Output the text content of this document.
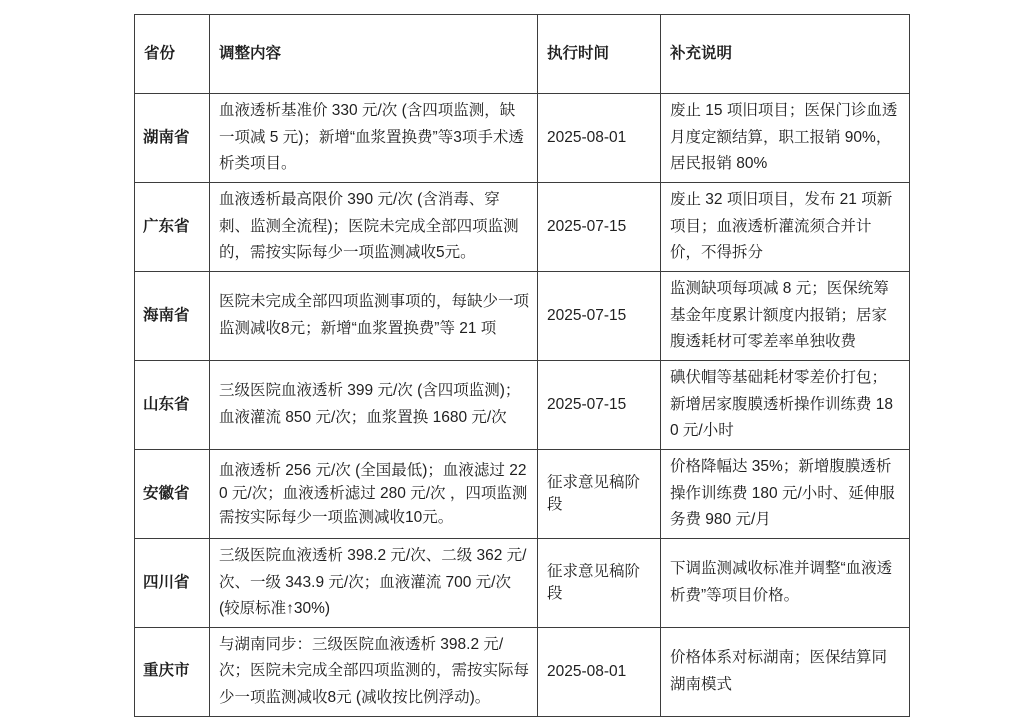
省份	调整内容	执行时间	补充说明
湖南省	血液透析基准价 330 元/次 (含四项监测，缺一项减 5 元)；新增“血浆置换费”等3项手术透析类项目。	2025-08-01	废止 15 项旧项目；医保门诊血透月度定额结算，职工报销 90%，居民报销 80%
广东省	血液透析最高限价 390 元/次 (含消毒、穿刺、监测全流程)；医院未完成全部四项监测的，需按实际每少一项监测减收5元。	2025-07-15	废止 32 项旧项目，发布 21 项新项目；血液透析灌流须合并计价，不得拆分
海南省	医院未完成全部四项监测事项的，每缺少一项监测减收8元；新增“血浆置换费”等 21 项	2025-07-15	监测缺项每项减 8 元；医保统筹基金年度累计额度内报销；居家腹透耗材可零差率单独收费
山东省	三级医院血液透析 399 元/次 (含四项监测)；血液灌流 850 元/次；血浆置换 1680 元/次	2025-07-15	碘伏帽等基础耗材零差价打包；新增居家腹膜透析操作训练费 180 元/小时
安徽省	血液透析 256 元/次 (全国最低)；血液滤过 220 元/次；血液透析滤过 280 元/次 ，四项监测需按实际每少一项监测减收10元。	征求意见稿阶段	价格降幅达 35%；新增腹膜透析操作训练费 180 元/小时、延伸服务费 980 元/月
四川省	三级医院血液透析 398.2 元/次、二级 362 元/次、一级 343.9 元/次；血液灌流 700 元/次 (较原标准↑30%)	征求意见稿阶段	下调监测减收标准并调整“血液透析费”等项目价格。
重庆市	与湖南同步：三级医院血液透析 398.2 元/次；医院未完成全部四项监测的，需按实际每少一项监测减收8元 (减收按比例浮动)。	2025-08-01	价格体系对标湖南；医保结算同湖南模式
